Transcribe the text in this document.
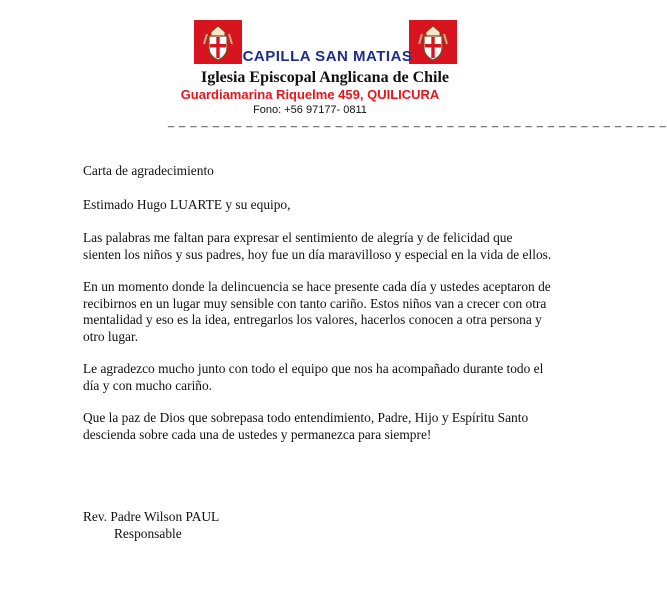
CAPILLA SAN MATIAS
Iglesia Episcopal Anglicana de Chile
Guardiamarina Riquelme 459, QUILICURA
Fono: +56 97177- 0811
_ _ _ _ _ _ _ _ _ _ _ _ _ _ _ _ _ _ _ _ _ _ _ _ _ _ _ _ _ _ _ _ _ _ _ _ _ _ _ _ _ _ _ _ _

Carta de agradecimiento

Estimado Hugo LUARTE y su equipo,

Las palabras me faltan para expresar el sentimiento de alegría y de felicidad que sienten los niños y sus padres, hoy fue un día maravilloso y especial en la vida de ellos.

En un momento donde la delincuencia se hace presente cada día y ustedes aceptaron de recibirnos en un lugar muy sensible con tanto cariño. Estos niños van a crecer con otra mentalidad y eso es la idea, entregarlos los valores, hacerlos conocen a otra persona y otro lugar.

Le agradezco mucho junto con todo el equipo que nos ha acompañado durante todo el día y con mucho cariño.

Que la paz de Dios que sobrepasa todo entendimiento, Padre, Hijo y Espíritu Santo descienda sobre cada una de ustedes y permanezca para siempre!

Rev. Padre Wilson PAUL
Responsable
